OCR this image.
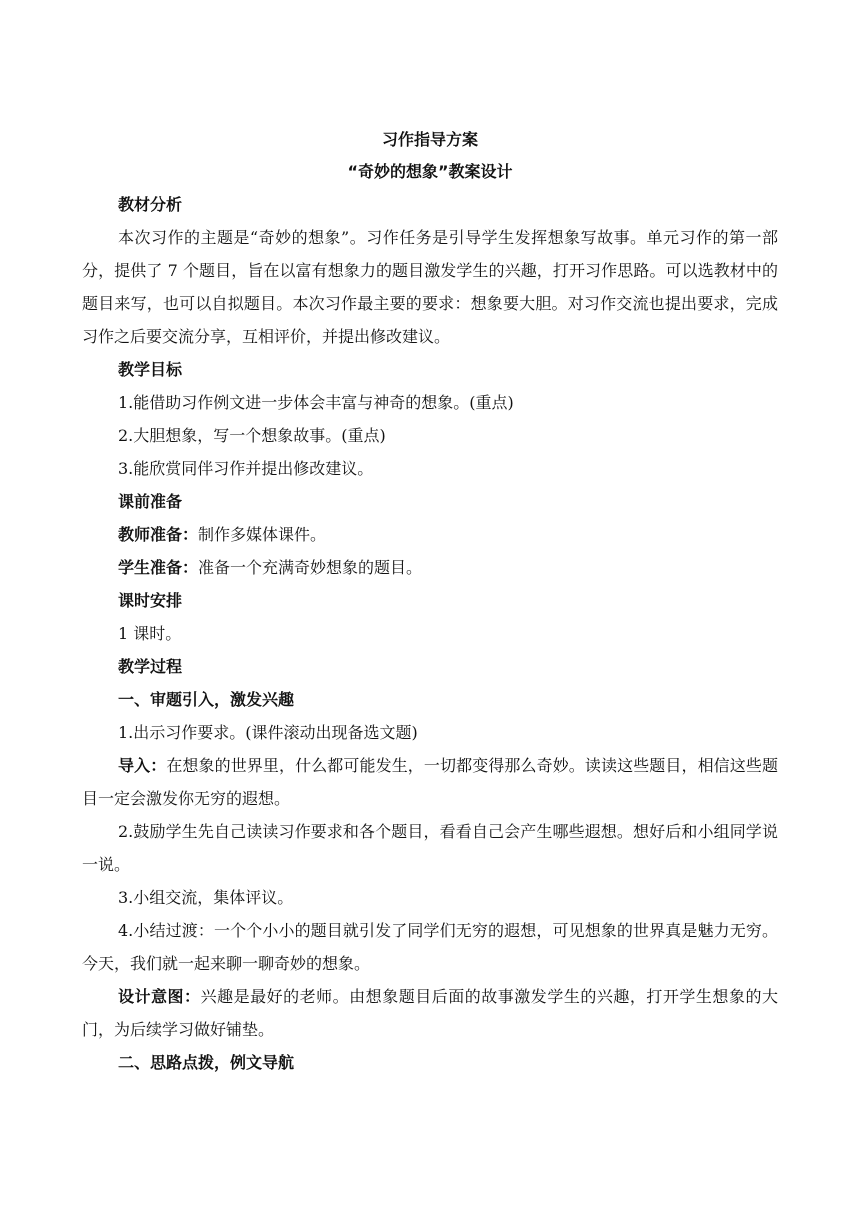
习作指导方案

“奇妙的想象”教案设计

教材分析

本次习作的主题是“奇妙的想象”。习作任务是引导学生发挥想象写故事。单元习作的第一部分，提供了 7 个题目，旨在以富有想象力的题目激发学生的兴趣，打开习作思路。可以选教材中的题目来写，也可以自拟题目。本次习作最主要的要求：想象要大胆。对习作交流也提出要求，完成习作之后要交流分享，互相评价，并提出修改建议。

教学目标

1.能借助习作例文进一步体会丰富与神奇的想象。(重点)

2.大胆想象，写一个想象故事。(重点)

3.能欣赏同伴习作并提出修改建议。

课前准备

教师准备：制作多媒体课件。

学生准备：准备一个充满奇妙想象的题目。

课时安排

1 课时。

教学过程

一、审题引入，激发兴趣

1.出示习作要求。(课件滚动出现备选文题)

导入：在想象的世界里，什么都可能发生，一切都变得那么奇妙。读读这些题目，相信这些题目一定会激发你无穷的遐想。

2.鼓励学生先自己读读习作要求和各个题目，看看自己会产生哪些遐想。想好后和小组同学说一说。

3.小组交流，集体评议。

4.小结过渡：一个个小小的题目就引发了同学们无穷的遐想，可见想象的世界真是魅力无穷。今天，我们就一起来聊一聊奇妙的想象。

设计意图：兴趣是最好的老师。由想象题目后面的故事激发学生的兴趣，打开学生想象的大门，为后续学习做好铺垫。

二、思路点拨，例文导航
